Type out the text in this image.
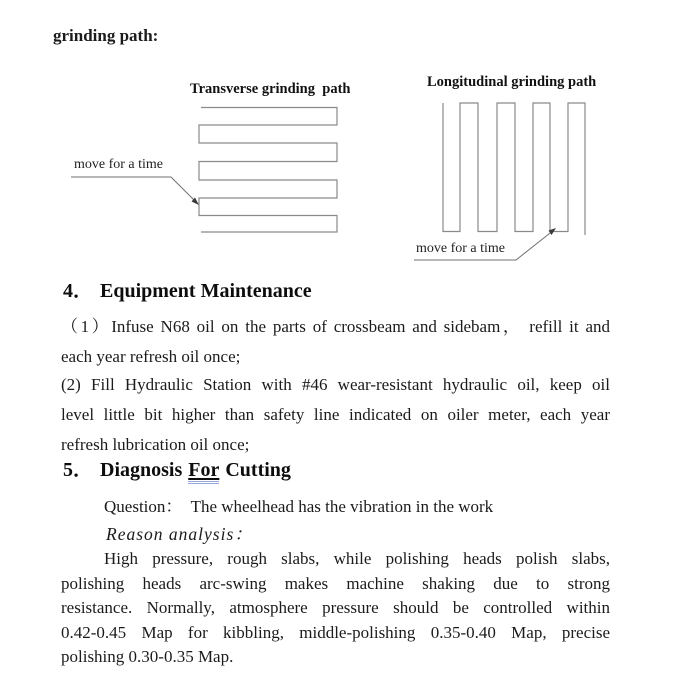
grinding path:
Transverse grinding  path	Longitudinal grinding path
move for a time
move for a time
4． Equipment Maintenance
（1）Infuse N68 oil on the parts of crossbeam and sidebam， refill it and
each year refresh oil once;
(2) Fill Hydraulic Station with #46 wear-resistant hydraulic oil, keep oil
level little bit higher than safety line indicated on oiler meter, each year
refresh lubrication oil once;
5． Diagnosis For Cutting
Question：  The wheelhead has the vibration in the work
Reason analysis：
High pressure, rough slabs, while polishing heads polish slabs,
polishing heads arc-swing makes machine shaking due to strong
resistance. Normally, atmosphere pressure should be controlled within
0.42-0.45 Map for kibbling, middle-polishing 0.35-0.40 Map, precise
polishing 0.30-0.35 Map.
